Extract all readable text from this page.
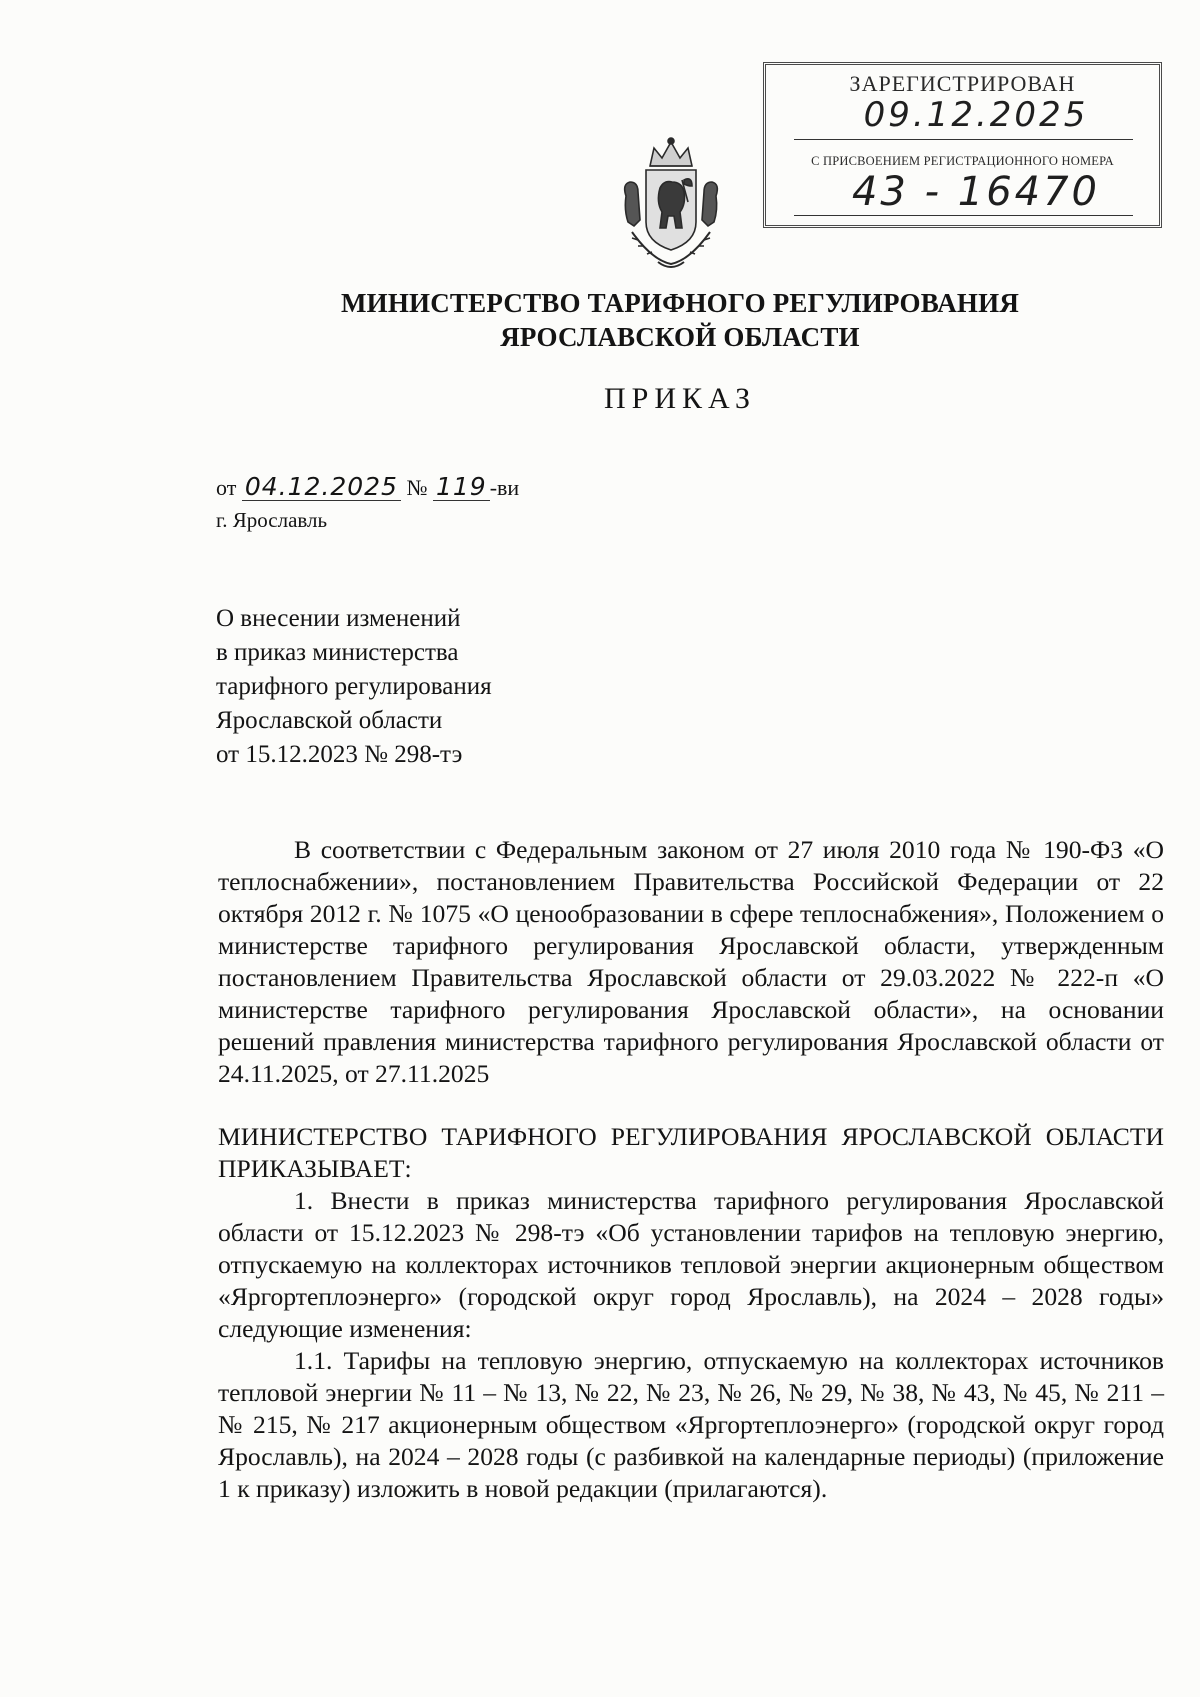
ЗАРЕГИСТРИРОВАН
09.12.2025
С ПРИСВОЕНИЕМ РЕГИСТРАЦИОННОГО НОМЕРА
43 - 16470
МИНИСТЕРСТВО ТАРИФНОГО РЕГУЛИРОВАНИЯ
ЯРОСЛАВСКОЙ ОБЛАСТИ
ПРИКАЗ
от 04.12.2025 № 119 -ви
г. Ярославль
О внесении изменений
в приказ министерства
тарифного регулирования
Ярославской области
от 15.12.2023 № 298-тэ
В соответствии с Федеральным законом от 27 июля 2010 года № 190-ФЗ «О теплоснабжении», постановлением Правительства Российской Федерации от 22 октября 2012 г. № 1075 «О ценообразовании в сфере теплоснабжения», Положением о министерстве тарифного регулирования Ярославской области, утвержденным постановлением Правительства Ярославской области от 29.03.2022 № 222-п «О министерстве тарифного регулирования Ярославской области», на основании решений правления министерства тарифного регулирования Ярославской области от 24.11.2025, от 27.11.2025
МИНИСТЕРСТВО ТАРИФНОГО РЕГУЛИРОВАНИЯ ЯРОСЛАВСКОЙ ОБЛАСТИ ПРИКАЗЫВАЕТ:
1. Внести в приказ министерства тарифного регулирования Ярославской области от 15.12.2023 № 298-тэ «Об установлении тарифов на тепловую энергию, отпускаемую на коллекторах источников тепловой энергии акционерным обществом «Яргортеплоэнерго» (городской округ город Ярославль), на 2024 – 2028 годы» следующие изменения:
1.1. Тарифы на тепловую энергию, отпускаемую на коллекторах источников тепловой энергии № 11 – № 13, № 22, № 23, № 26, № 29, № 38, № 43, № 45, № 211 – № 215, № 217 акционерным обществом «Яргортеплоэнерго» (городской округ город Ярославль), на 2024 – 2028 годы (с разбивкой на календарные периоды) (приложение 1 к приказу) изложить в новой редакции (прилагаются).
